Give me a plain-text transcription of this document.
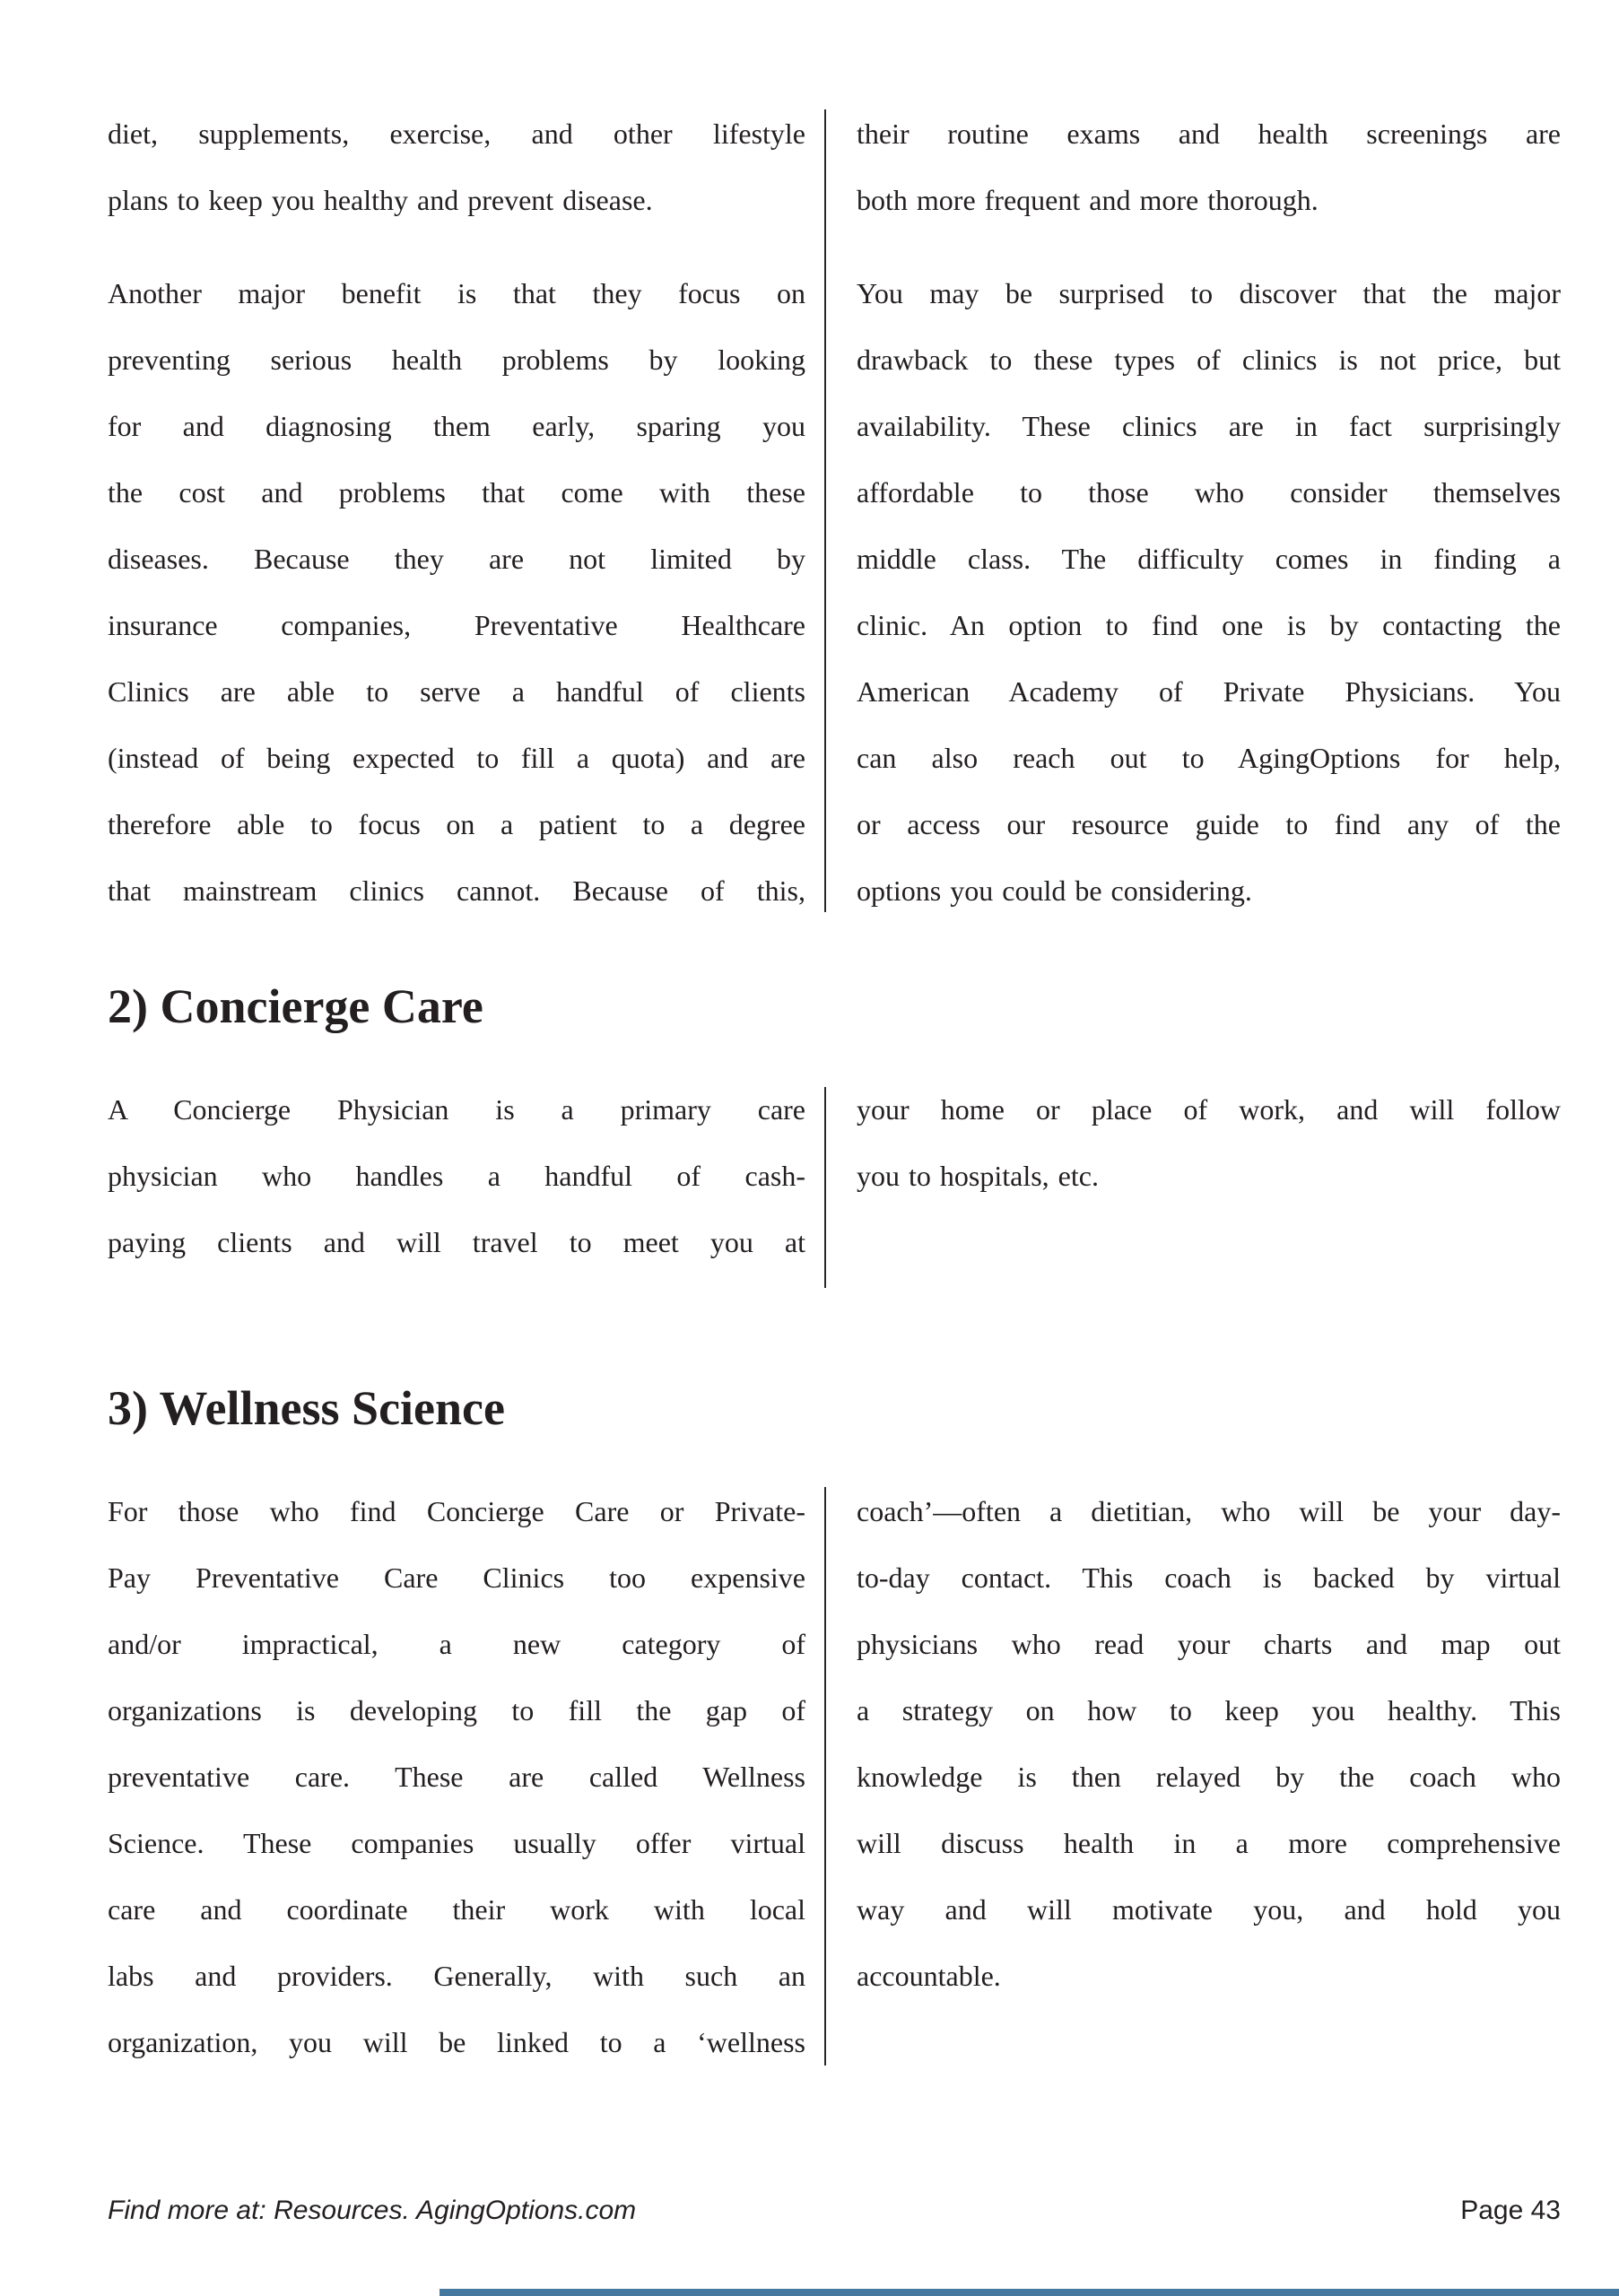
diet, supplements, exercise, and other lifestyle
plans to keep you healthy and prevent disease.
Another major benefit is that they focus on
preventing serious health problems by looking
for and diagnosing them early, sparing you
the cost and problems that come with these
diseases. Because they are not limited by
insurance companies, Preventative Healthcare
Clinics are able to serve a handful of clients
(instead of being expected to fill a quota) and are
therefore able to focus on a patient to a degree
that mainstream clinics cannot. Because of this,
their routine exams and health screenings are
both more frequent and more thorough.
You may be surprised to discover that the major
drawback to these types of clinics is not price, but
availability. These clinics are in fact surprisingly
affordable to those who consider themselves
middle class. The difficulty comes in finding a
clinic. An option to find one is by contacting the
American Academy of Private Physicians. You
can also reach out to AgingOptions for help,
or access our resource guide to find any of the
options you could be considering.
2) Concierge Care
A Concierge Physician is a primary care
physician who handles a handful of cash-
paying clients and will travel to meet you at
your home or place of work, and will follow
you to hospitals, etc.
3) Wellness Science
For those who find Concierge Care or Private-
Pay Preventative Care Clinics too expensive
and/or impractical, a new category of
organizations is developing to fill the gap of
preventative care. These are called Wellness
Science. These companies usually offer virtual
care and coordinate their work with local
labs and providers. Generally, with such an
organization, you will be linked to a ‘wellness
coach’—often a dietitian, who will be your day-
to-day contact. This coach is backed by virtual
physicians who read your charts and map out
a strategy on how to keep you healthy. This
knowledge is then relayed by the coach who
will discuss health in a more comprehensive
way and will motivate you, and hold you
accountable.
Find more at: Resources. AgingOptions.com	Page 43
